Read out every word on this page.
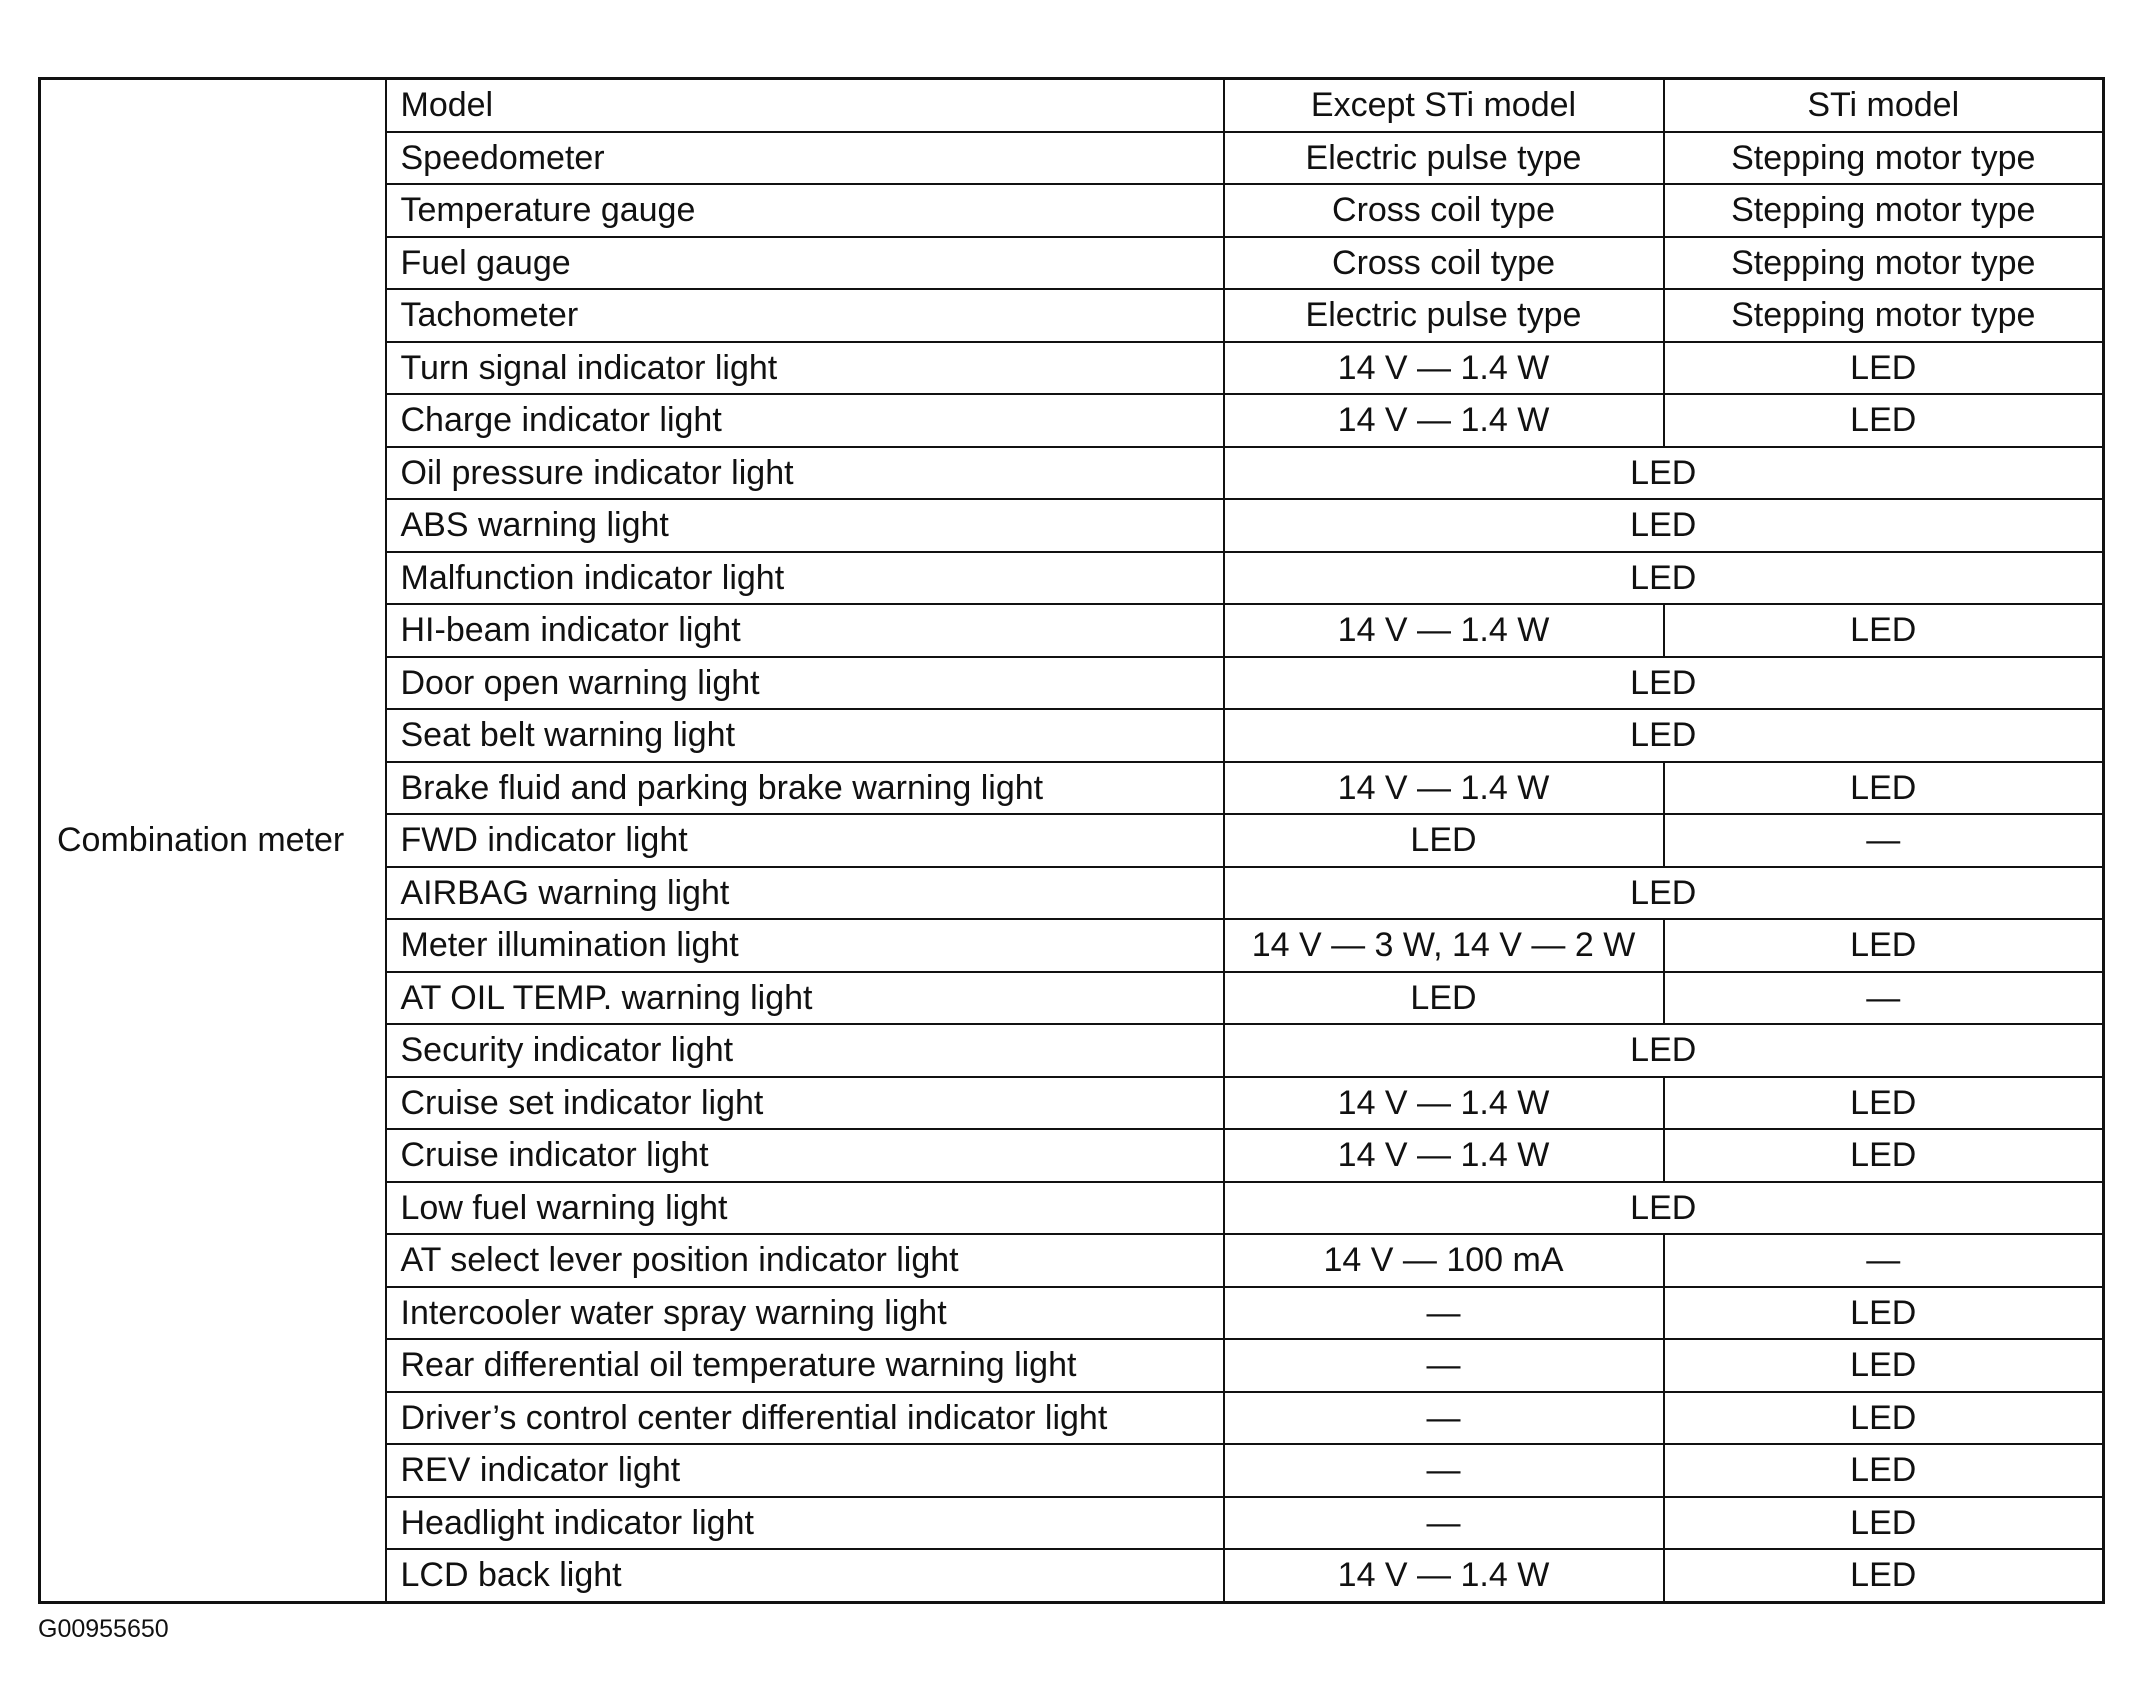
Combination meter	Model	Except STi model	STi model
	Speedometer	Electric pulse type	Stepping motor type
	Temperature gauge	Cross coil type	Stepping motor type
	Fuel gauge	Cross coil type	Stepping motor type
	Tachometer	Electric pulse type	Stepping motor type
	Turn signal indicator light	14 V — 1.4 W	LED
	Charge indicator light	14 V — 1.4 W	LED
	Oil pressure indicator light	LED	
	ABS warning light	LED	
	Malfunction indicator light	LED	
	HI-beam indicator light	14 V — 1.4 W	LED
	Door open warning light	LED	
	Seat belt warning light	LED	
	Brake fluid and parking brake warning light	14 V — 1.4 W	LED
	FWD indicator light	LED	—
	AIRBAG warning light	LED	
	Meter illumination light	14 V — 3 W, 14 V — 2 W	LED
	AT OIL TEMP. warning light	LED	—
	Security indicator light	LED	
	Cruise set indicator light	14 V — 1.4 W	LED
	Cruise indicator light	14 V — 1.4 W	LED
	Low fuel warning light	LED	
	AT select lever position indicator light	14 V — 100 mA	—
	Intercooler water spray warning light	—	LED
	Rear differential oil temperature warning light	—	LED
	Driver’s control center differential indicator light	—	LED
	REV indicator light	—	LED
	Headlight indicator light	—	LED
	LCD back light	14 V — 1.4 W	LED
G00955650
